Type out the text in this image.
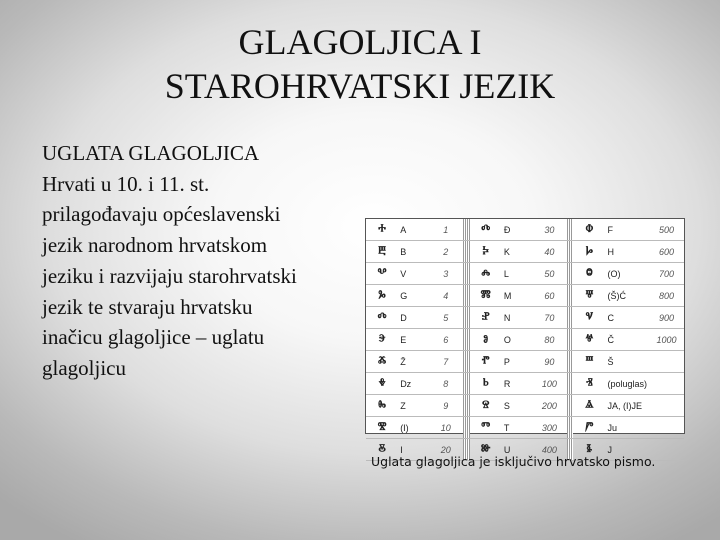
GLAGOLJICA I
STAROHRVATSKI JEZIK
UGLATA GLAGOLJICA
Hrvati u 10. i 11. st.
prilagođavaju općeslavenski
jezik narodnom hrvatskom
jeziku i razvijaju starohrvatski
jezik te stvaraju hrvatsku
inačicu glagoljice – uglatu
glagoljicu
ⰰ	A	1		ⰴ	Đ	30		ⱇ	F	500
ⰱ	B	2		ⰽ	K	40		ⱈ	H	600
ⰲ	V	3		ⰾ	L	50		ⱉ	(O)	700
ⰳ	G	4		ⰿ	M	60		ⱋ	(Š)Ć	800
ⰴ	D	5		ⱀ	N	70		ⱌ	C	900
ⰵ	E	6		ⱁ	O	80		ⱍ	Č	1000
ⰶ	Ž	7		ⱂ	P	90		ⱎ	Š	
ⰷ	Dz	8		ⱃ	R	100		ⱐ	(poluglas)	
ⰸ	Z	9		ⱄ	S	200		ⱑ	JA, (I)JE	
ⰺ	(I)	10		ⱅ	T	300		ⱓ	Ju	
ⰻ	I	20		ⱆ	U	400		ⱛ	J	
Uglata glagoljica je isključivo hrvatsko pismo.
